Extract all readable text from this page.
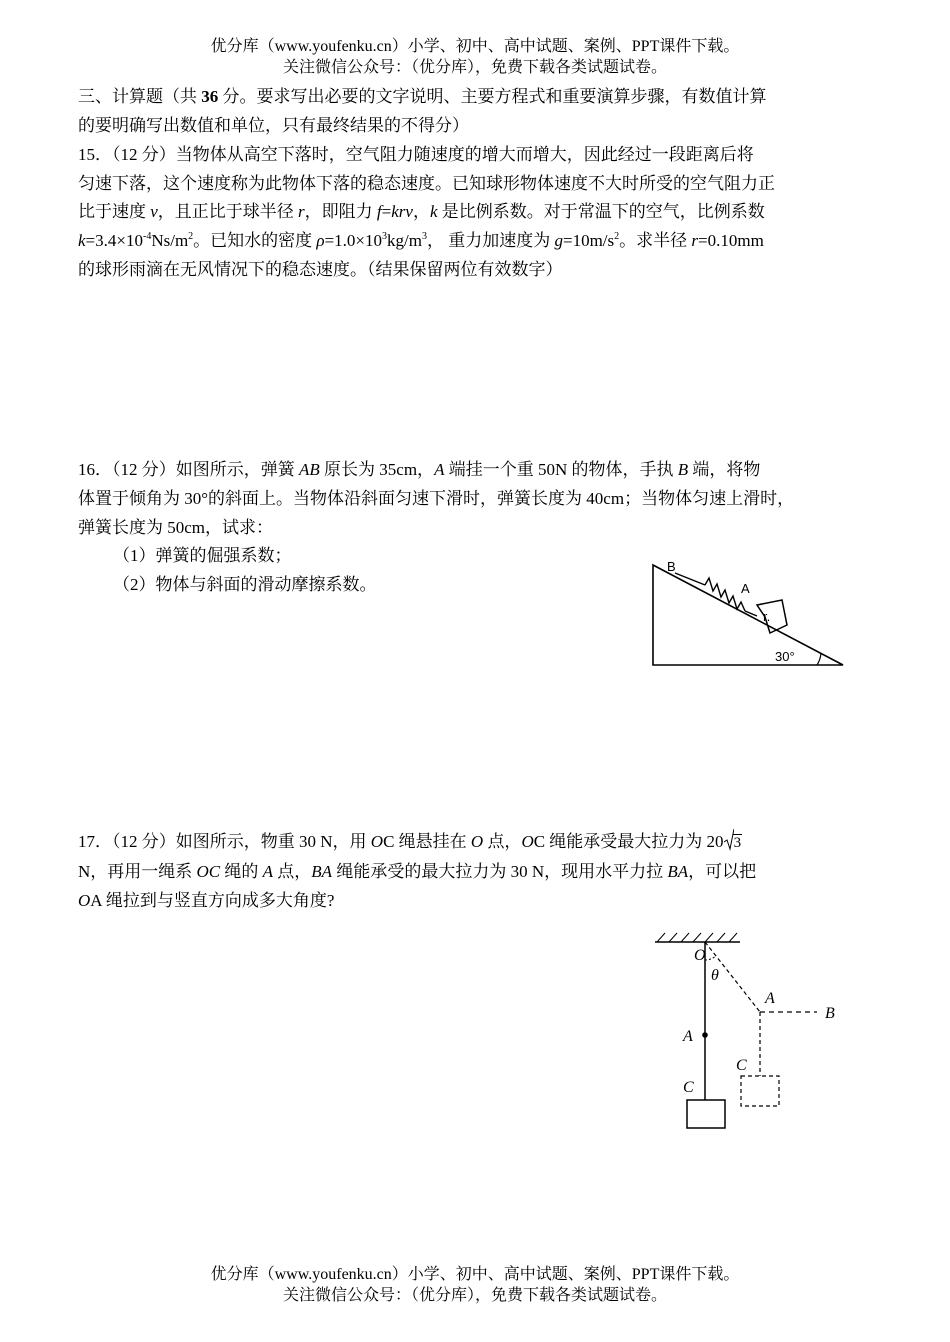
优分库（www.youfenku.cn）小学、初中、高中试题、案例、PPT课件下载。
关注微信公众号：（优分库），免费下载各类试题试卷。
三、计算题（共 36 分。要求写出必要的文字说明、主要方程式和重要演算步骤，有数值计算
的要明确写出数值和单位，只有最终结果的不得分）
15．（12 分）当物体从高空下落时，空气阻力随速度的增大而增大，因此经过一段距离后将
匀速下落，这个速度称为此物体下落的稳态速度。已知球形物体速度不大时所受的空气阻力正
比于速度 v，且正比于球半径 r，即阻力 f=krv，k 是比例系数。对于常温下的空气，比例系数
$k=3.4\times 10^{-4}Ns/m^2$。已知水的密度 $\rho=1.0\times 10^3kg/m^3$， 重力加速度为 $g=10m/s^2$。求半径 r=0.10mm
的球形雨滴在无风情况下的稳态速度。（结果保留两位有效数字）
16．（12 分）如图所示，弹簧 AB 原长为 35cm，A 端挂一个重 50N 的物体，手执 B 端，将物
体置于倾角为 30°的斜面上。当物体沿斜面匀速下滑时，弹簧长度为 40cm；当物体匀速上滑时，
弹簧长度为 50cm，试求：
（1）弹簧的倔强系数；
（2）物体与斜面的滑动摩擦系数。
r.
B
A
30°
17．（12 分）如图所示，物重 30 N，用 OC 绳悬挂在 O 点，OC 绳能承受最大拉力为 20 3
N，再用一绳系 OC 绳的 A 点，BA 绳能承受的最大拉力为 30 N，现用水平力拉 BA，可以把
OA 绳拉到与竖直方向成多大角度?
O
θ
A
B
A
C
C
优分库（www.youfenku.cn）小学、初中、高中试题、案例、PPT课件下载。
关注微信公众号：（优分库），免费下载各类试题试卷。
